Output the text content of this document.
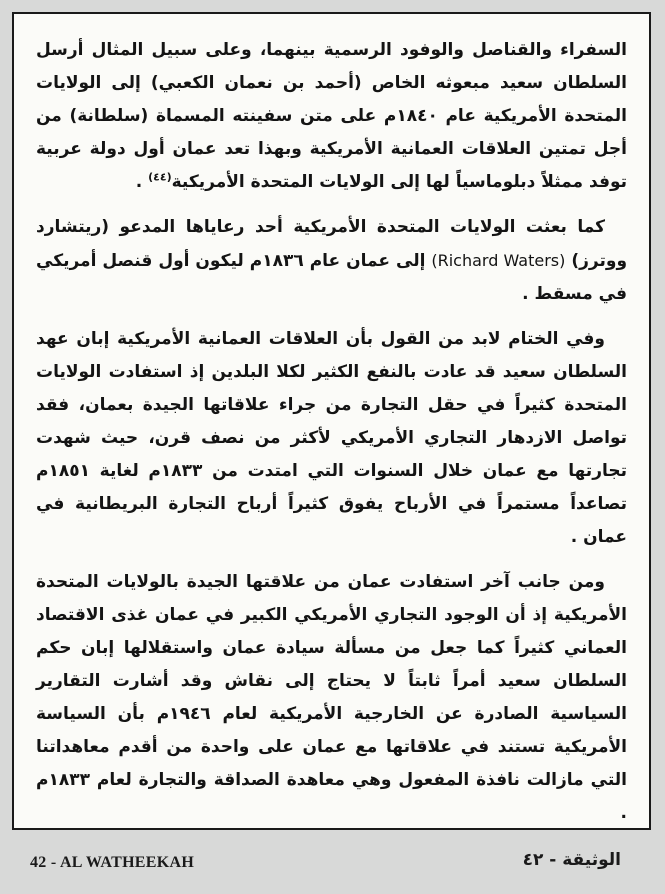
السفراء والقناصل والوفود الرسمية بينهما، وعلى سبيل المثال أرسل السلطان سعيد مبعوثه الخاص (أحمد بن نعمان الكعبي) إلى الولايات المتحدة الأمريكية عام ١٨٤٠م على متن سفينته المسماة (سلطانة) من أجل تمتين العلاقات العمانية الأمريكية وبهذا تعد عمان أول دولة عربية توفد ممثلاً دبلوماسياً لها إلى الولايات المتحدة الأمريكية$^{(٤٤)}$ .

كما بعثت الولايات المتحدة الأمريكية أحد رعاياها المدعو (ريتشارد ووترز) (Richard Waters) إلى عمان عام ١٨٣٦م ليكون أول قنصل أمريكي في مسقط .

وفي الختام لابد من القول بأن العلاقات العمانية الأمريكية إبان عهد السلطان سعيد قد عادت بالنفع الكثير لكلا البلدين إذ استفادت الولايات المتحدة كثيراً في حقل التجارة من جراء علاقاتها الجيدة بعمان، فقد تواصل الازدهار التجاري الأمريكي لأكثر من نصف قرن، حيث شهدت تجارتها مع عمان خلال السنوات التي امتدت من ١٨٣٣م لغاية ١٨٥١م تصاعداً مستمراً في الأرباح يفوق كثيراً أرباح التجارة البريطانية في عمان .

ومن جانب آخر استفادت عمان من علاقتها الجيدة بالولايات المتحدة الأمريكية إذ أن الوجود التجاري الأمريكي الكبير في عمان غذى الاقتصاد العماني كثيراً كما جعل من مسألة سيادة عمان واستقلالها إبان حكم السلطان سعيد أمراً ثابتاً لا يحتاج إلى نقاش وقد أشارت التقارير السياسية الصادرة عن الخارجية الأمريكية لعام ١٩٤٦م بأن السياسة الأمريكية تستند في علاقاتها مع عمان على واحدة من أقدم معاهداتنا التي مازالت نافذة المفعول وهي معاهدة الصداقة والتجارة لعام ١٨٣٣م .

42 - AL WATHEEKAH	الوثيقة - ٤٢
